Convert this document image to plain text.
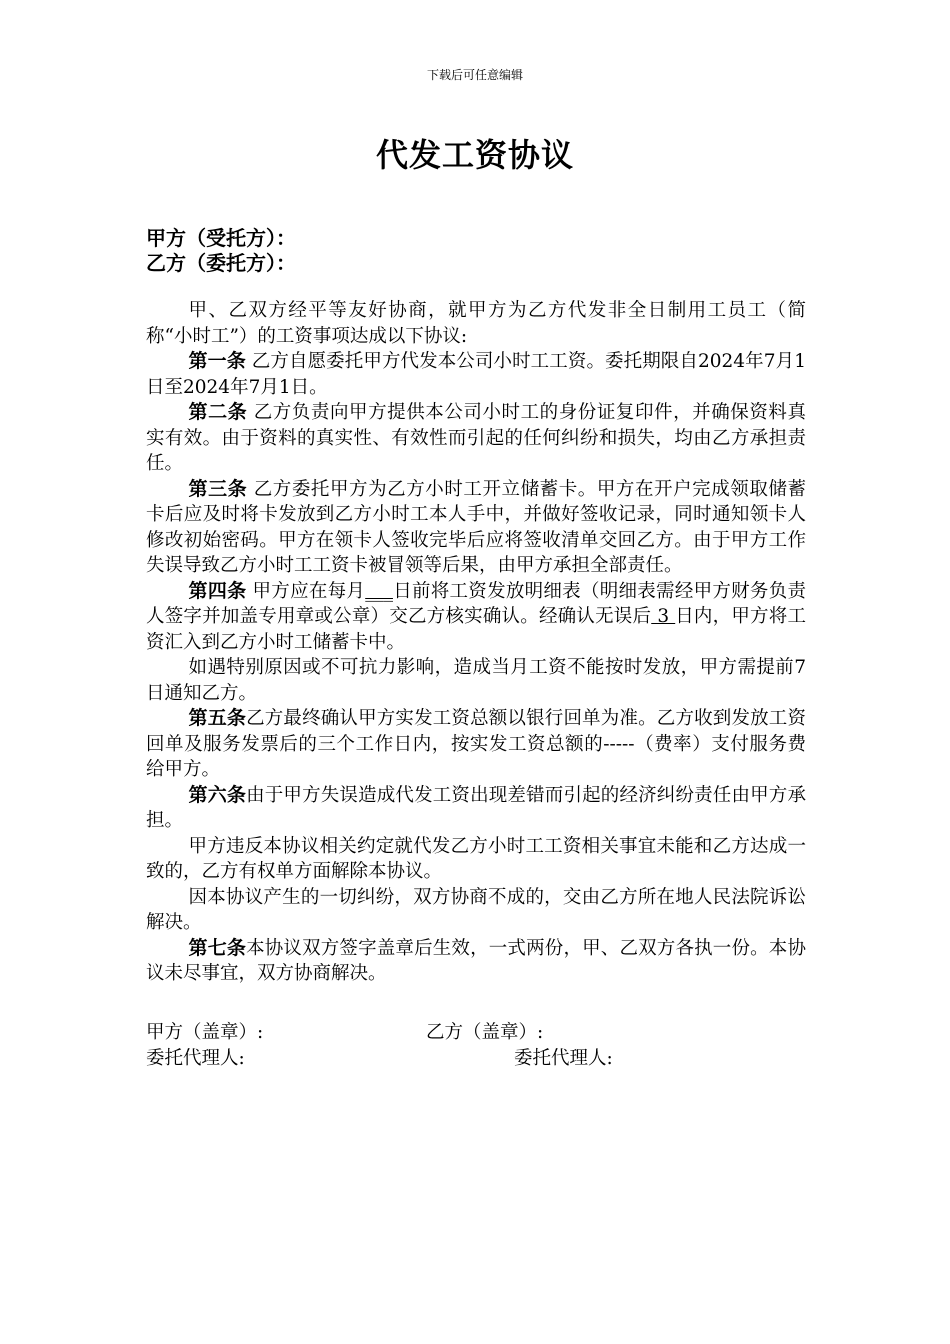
下载后可任意编辑
代发工资协议
甲方（受托方）：
乙方（委托方）：

甲、乙双方经平等友好协商，就甲方为乙方代发非全日制用工员工（简称“小时工”）的工资事项达成以下协议:

第一条 乙方自愿委托甲方代发本公司小时工工资。委托期限自2024年7月1日至2024年7月1日。

第二条 乙方负责向甲方提供本公司小时工的身份证复印件，并确保资料真实有效。由于资料的真实性、有效性而引起的任何纠纷和损失，均由乙方承担责任。

第三条 乙方委托甲方为乙方小时工开立储蓄卡。甲方在开户完成领取储蓄卡后应及时将卡发放到乙方小时工本人手中，并做好签收记录，同时通知领卡人修改初始密码。甲方在领卡人签收完毕后应将签收清单交回乙方。由于甲方工作失误导致乙方小时工工资卡被冒领等后果，由甲方承担全部责任。

第四条 甲方应在每月___日前将工资发放明细表（明细表需经甲方财务负责人签字并加盖专用章或公章）交乙方核实确认。经确认无误后 3 日内，甲方将工资汇入到乙方小时工储蓄卡中。

如遇特别原因或不可抗力影响，造成当月工资不能按时发放，甲方需提前7日通知乙方。

第五条乙方最终确认甲方实发工资总额以银行回单为准。乙方收到发放工资回单及服务发票后的三个工作日内，按实发工资总额的-----（费率）支付服务费给甲方。

第六条由于甲方失误造成代发工资出现差错而引起的经济纠纷责任由甲方承担。

甲方违反本协议相关约定就代发乙方小时工工资相关事宜未能和乙方达成一致的，乙方有权单方面解除本协议。

因本协议产生的一切纠纷，双方协商不成的，交由乙方所在地人民法院诉讼解决。

第七条本协议双方签字盖章后生效，一式两份，甲、乙双方各执一份。本协议未尽事宜，双方协商解决。

甲方（盖章）:	乙方（盖章）:
委托代理人:	委托代理人:
